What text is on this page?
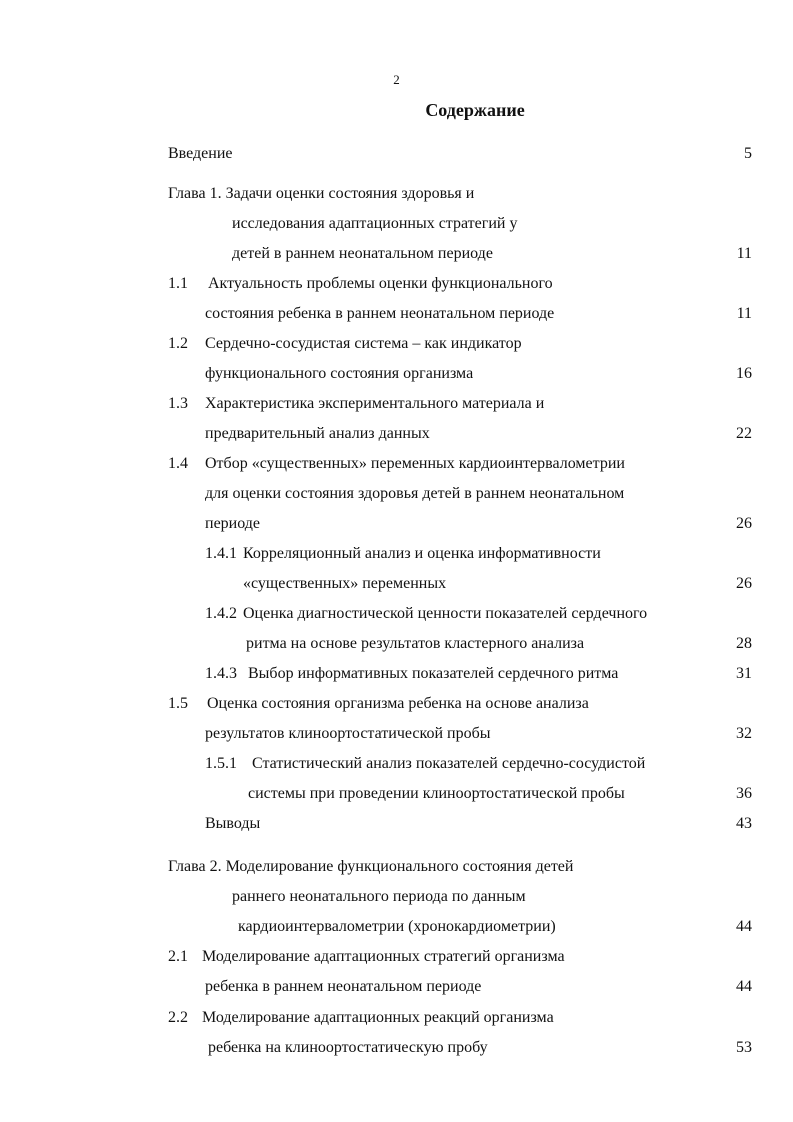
2
Содержание
Введение	5
Глава 1. Задачи оценки состояния здоровья и
исследования адаптационных стратегий у
детей в раннем неонатальном периоде	11
1.1 Актуальность проблемы оценки функционального
состояния ребенка в раннем неонатальном периоде	11
1.2 Сердечно-сосудистая система – как индикатор
функционального состояния организма	16
1.3 Характеристика экспериментального материала и
предварительный анализ данных	22
1.4 Отбор «существенных» переменных кардиоинтервалометрии
для оценки состояния здоровья детей в раннем неонатальном
периоде	26
1.4.1 Корреляционный анализ и оценка информативности
«существенных» переменных	26
1.4.2 Оценка диагностической ценности показателей сердечного
ритма на основе результатов кластерного анализа	28
1.4.3 Выбор информативных показателей сердечного ритма	31
1.5 Оценка состояния организма ребенка на основе анализа
результатов клиноортостатической пробы	32
1.5.1 Статистический анализ показателей сердечно-сосудистой
системы при проведении клиноортостатической пробы	36
Выводы	43
Глава 2. Моделирование функционального состояния детей
раннего неонатального периода по данным
кардиоинтервалометрии (хронокардиометрии)	44
2.1 Моделирование адаптационных стратегий организма
ребенка в раннем неонатальном периоде	44
2.2 Моделирование адаптационных реакций организма
ребенка на клиноортостатическую пробу	53
